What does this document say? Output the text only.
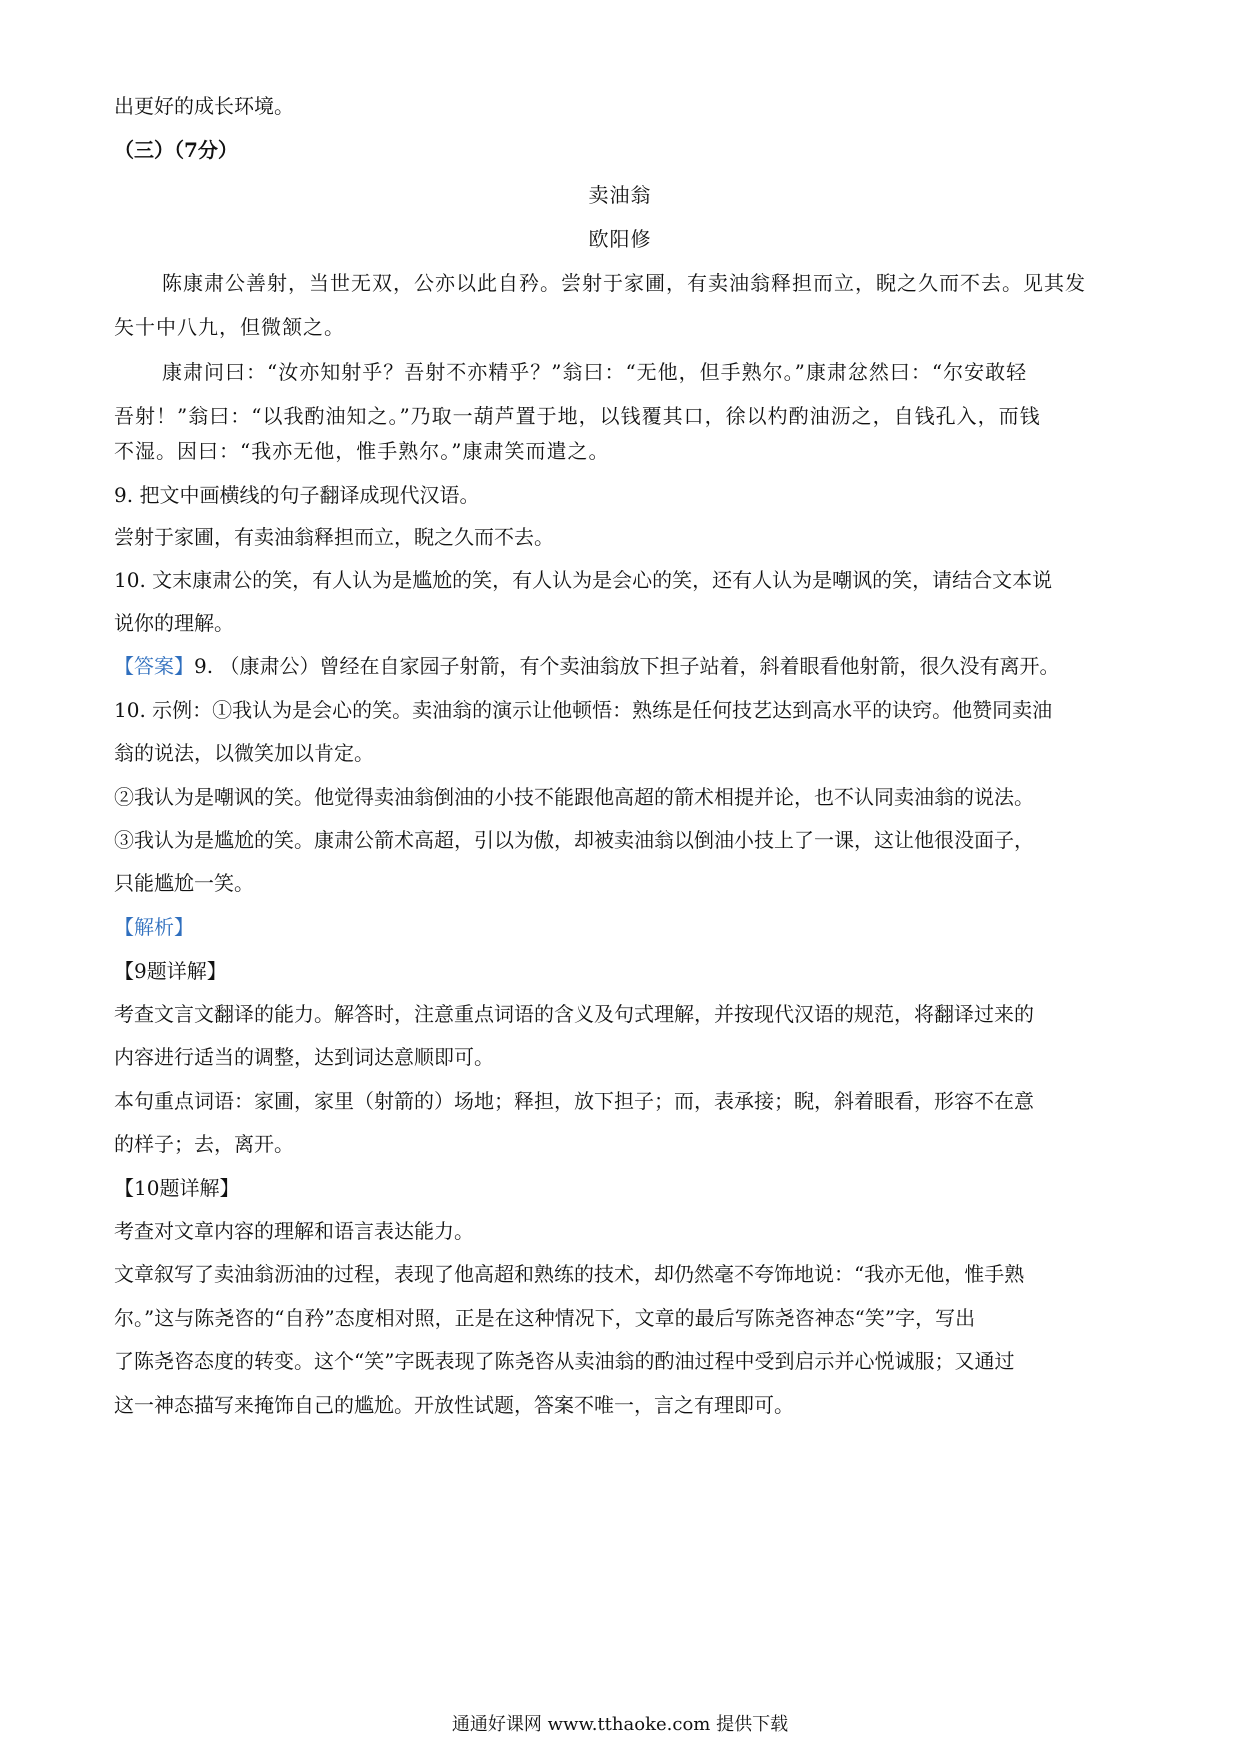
出更好的成长环境。
（三）（7分）
卖油翁
欧阳修
陈康肃公善射，当世无双，公亦以此自矜。尝射于家圃，有卖油翁释担而立，睨之久而不去。见其发
矢十中八九，但微颔之。
康肃问曰：“汝亦知射乎？吾射不亦精乎？”翁曰：“无他，但手熟尔。”康肃忿然曰：“尔安敢轻
吾射！”翁曰：“以我酌油知之。”乃取一葫芦置于地，以钱覆其口，徐以杓酌油沥之，自钱孔入，而钱
不湿。因曰：“我亦无他，惟手熟尔。”康肃笑而遣之。
9. 把文中画横线的句子翻译成现代汉语。
尝射于家圃，有卖油翁释担而立，睨之久而不去。
10. 文末康肃公的笑，有人认为是尴尬的笑，有人认为是会心的笑，还有人认为是嘲讽的笑，请结合文本说
说你的理解。
【答案】9. （康肃公）曾经在自家园子射箭，有个卖油翁放下担子站着，斜着眼看他射箭，很久没有离开。
10. 示例：①我认为是会心的笑。卖油翁的演示让他顿悟：熟练是任何技艺达到高水平的诀窍。他赞同卖油
翁的说法，以微笑加以肯定。
②我认为是嘲讽的笑。他觉得卖油翁倒油的小技不能跟他高超的箭术相提并论，也不认同卖油翁的说法。
③我认为是尴尬的笑。康肃公箭术高超，引以为傲，却被卖油翁以倒油小技上了一课，这让他很没面子，
只能尴尬一笑。
【解析】
【9题详解】
考查文言文翻译的能力。解答时，注意重点词语的含义及句式理解，并按现代汉语的规范，将翻译过来的
内容进行适当的调整，达到词达意顺即可。
本句重点词语：家圃，家里（射箭的）场地；释担，放下担子；而，表承接；睨，斜着眼看，形容不在意
的样子；去，离开。
【10题详解】
考查对文章内容的理解和语言表达能力。
文章叙写了卖油翁沥油的过程，表现了他高超和熟练的技术，却仍然毫不夸饰地说：“我亦无他，惟手熟
尔。”这与陈尧咨的“自矜”态度相对照，正是在这种情况下，文章的最后写陈尧咨神态“笑”字，写出
了陈尧咨态度的转变。这个“笑”字既表现了陈尧咨从卖油翁的酌油过程中受到启示并心悦诚服；又通过
这一神态描写来掩饰自己的尴尬。开放性试题，答案不唯一，言之有理即可。
通通好课网 www.tthaoke.com 提供下载
